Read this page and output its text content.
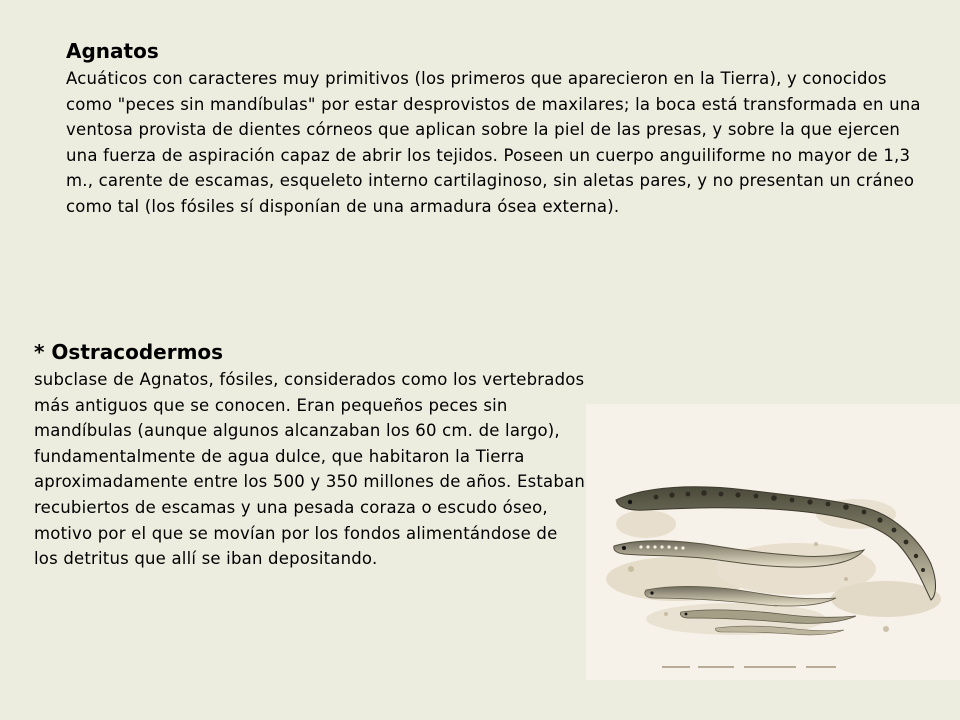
Agnatos

Acuáticos con caracteres muy primitivos (los primeros que aparecieron en la Tierra), y conocidos como "peces sin mandíbulas" por estar desprovistos de maxilares; la boca está transformada en una ventosa provista de dientes córneos que aplican sobre la piel de las presas, y sobre la que ejercen una fuerza de aspiración capaz de abrir los tejidos. Poseen un cuerpo anguiliforme no mayor de 1,3 m., carente de escamas, esqueleto interno cartilaginoso, sin aletas pares, y no presentan un cráneo como tal (los fósiles sí disponían de una armadura ósea externa).

* Ostracodermos

subclase de Agnatos, fósiles, considerados como los vertebrados más antiguos que se conocen. Eran pequeños peces sin mandíbulas (aunque algunos alcanzaban los 60 cm. de largo), fundamentalmente de agua dulce, que habitaron la Tierra aproximadamente entre los 500 y 350 millones de años. Estaban recubiertos de escamas y una pesada coraza o escudo óseo, motivo por el que se movían por los fondos alimentándose de los detritus que allí se iban depositando.
